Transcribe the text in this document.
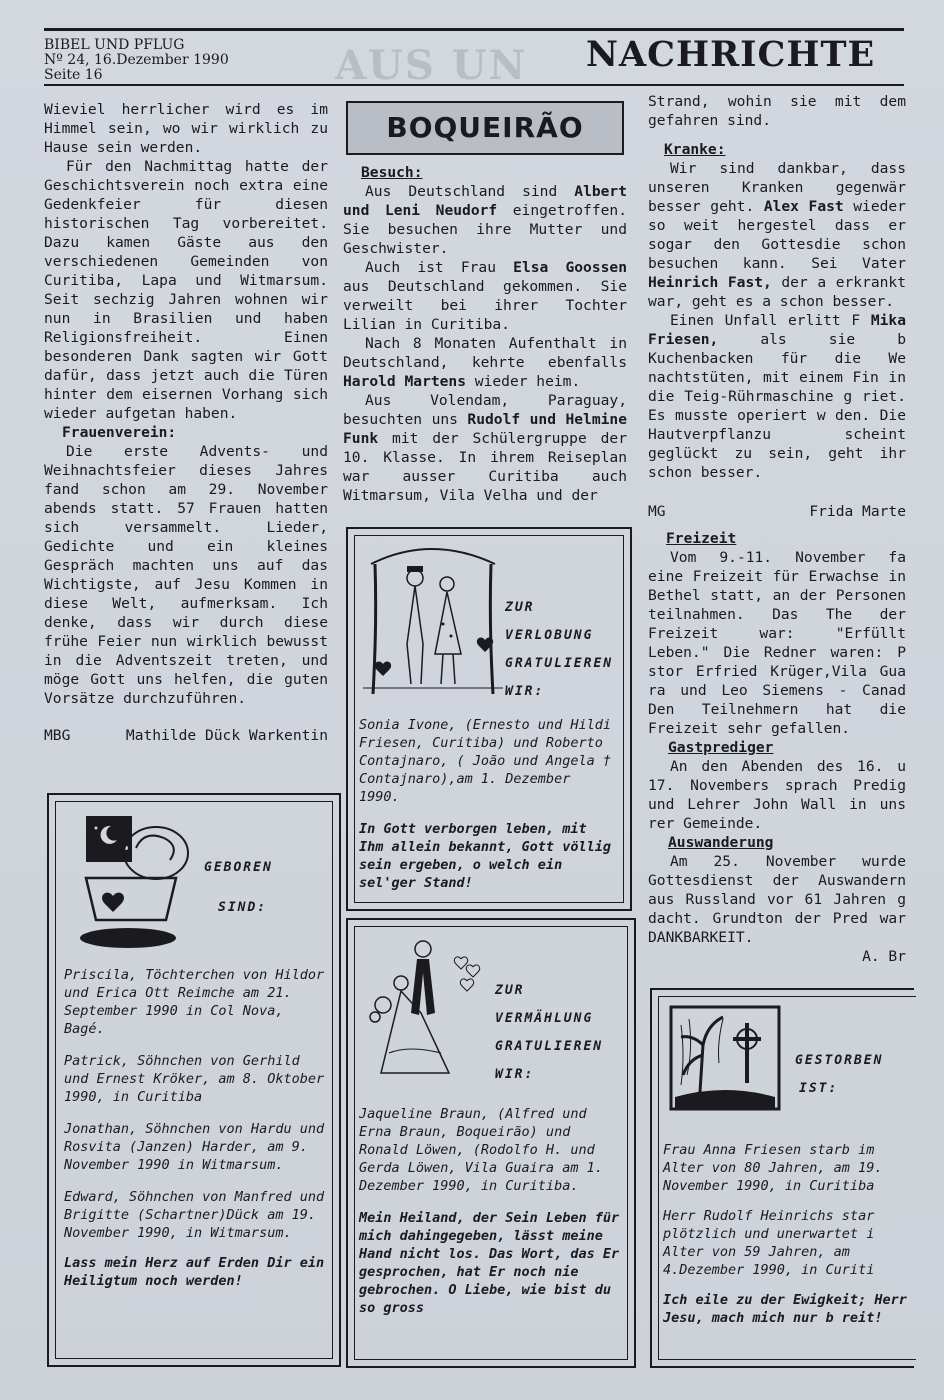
AUS UN
BIBEL UND PFLUG
Nº 24, 16.Dezember 1990
Seite 16	NACHRICHTE

Wieviel herrlicher wird es im Himmel sein, wo wir wirklich zu Hause sein werden.

Für den Nachmittag hatte der Geschichtsverein noch extra eine Gedenkfeier für diesen historischen Tag vorbereitet. Dazu kamen Gäste aus den verschiedenen Gemeinden von Curitiba, Lapa und Witmarsum. Seit sechzig Jahren wohnen wir nun in Brasilien und haben Religionsfreiheit. Einen besonderen Dank sagten wir Gott dafür, dass jetzt auch die Türen hinter dem eisernen Vorhang sich wieder aufgetan haben.

Frauenverein:

Die erste Advents- und Weihnachtsfeier dieses Jahres fand schon am 29. November abends statt. 57 Frauen hatten sich versammelt. Lieder, Gedichte und ein kleines Gespräch machten uns auf das Wichtigste, auf Jesu Kommen in diese Welt, aufmerksam. Ich denke, dass wir durch diese frühe Feier nun wirklich bewusst in die Adventszeit treten, und möge Gott uns helfen, die guten Vorsätze durchzuführen.

MBG	Mathilde Dück Warkentin
GEBOREN
SIND:

Priscila, Töchterchen von Hildor und Erica Ott Reimche am 21. September 1990 in Col Nova, Bagé.

Patrick, Söhnchen von Gerhild und Ernest Kröker, am 8. Oktober 1990, in Curitiba

Jonathan, Söhnchen von Hardu und Rosvita (Janzen) Harder, am 9. November 1990 in Witmarsum.

Edward, Söhnchen von Manfred und Brigitte (Schartner)Dück am 19. November 1990, in Witmarsum.

Lass mein Herz auf Erden Dir ein Heiligtum noch werden!

BOQUEIRÃO

Besuch:

Aus Deutschland sind Albert und Leni Neudorf eingetroffen. Sie besuchen ihre Mutter und Geschwister.

Auch ist Frau Elsa Goossen aus Deutschland gekommen. Sie verweilt bei ihrer Tochter Lilian in Curitiba.

Nach 8 Monaten Aufenthalt in Deutschland, kehrte ebenfalls Harold Martens wieder heim.

Aus Volendam, Paraguay, besuchten uns Rudolf und Helmine Funk mit der Schülergruppe der 10. Klasse. In ihrem Reiseplan war ausser Curitiba auch Witmarsum, Vila Velha und der

ZUR
VERLOBUNG
GRATULIEREN
WIR:

Sonia Ivone, (Ernesto und Hildi Friesen, Curitiba) und Roberto Contajnaro, ( João und Angela † Contajnaro),am 1. Dezember 1990.

In Gott verborgen leben, mit Ihm allein bekannt, Gott völlig sein ergeben, o welch ein sel'ger Stand!

ZUR
VERMÄHLUNG
GRATULIEREN
WIR:

Jaqueline Braun, (Alfred und Erna Braun, Boqueirão) und Ronald Löwen, (Rodolfo H. und Gerda Löwen, Vila Guaira am 1. Dezember 1990, in Curitiba.

Mein Heiland, der Sein Leben für mich dahingegeben, lässt meine Hand nicht los. Das Wort, das Er gesprochen, hat Er noch nie gebrochen. O Liebe, wie bist du so gross

Strand, wohin sie mit dem gefahren sind.

Kranke:

Wir sind dankbar, dass unseren Kranken gegenwär besser geht. Alex Fast wieder so weit hergestel dass er sogar den Gottesdie schon besuchen kann. Sei Vater Heinrich Fast, der a erkrankt war, geht es a schon besser.

Einen Unfall erlitt F Mika Friesen, als sie b Kuchenbacken für die We nachtstüten, mit einem Fin in die Teig-Rührmaschine g riet. Es musste operiert w den. Die Hautverpflanzu scheint geglückt zu sein, geht ihr schon besser.

MG	Frida Marte

Freizeit

Vom 9.-11. November fa eine Freizeit für Erwachse in Bethel statt, an der Personen teilnahmen. Das The der Freizeit war: "Erfüllt Leben." Die Redner waren: P stor Erfried Krüger,Vila Gua ra und Leo Siemens - Canad Den Teilnehmern hat die Freizeit sehr gefallen.

Gastprediger

An den Abenden des 16. u 17. Novembers sprach Predig und Lehrer John Wall in uns rer Gemeinde.

Auswanderung

Am 25. November wurde Gottesdienst der Auswandern aus Russland vor 61 Jahren g dacht. Grundton der Pred war DANKBARKEIT.

A. Br

GESTORBEN
IST:

Frau Anna Friesen starb im Alter von 80 Jahren, am 19. November 1990, in Curitiba

Herr Rudolf Heinrichs star plötzlich und unerwartet i Alter von 59 Jahren, am 4.Dezember 1990, in Curiti

Ich eile zu der Ewigkeit; Herr Jesu, mach mich nur b reit!
